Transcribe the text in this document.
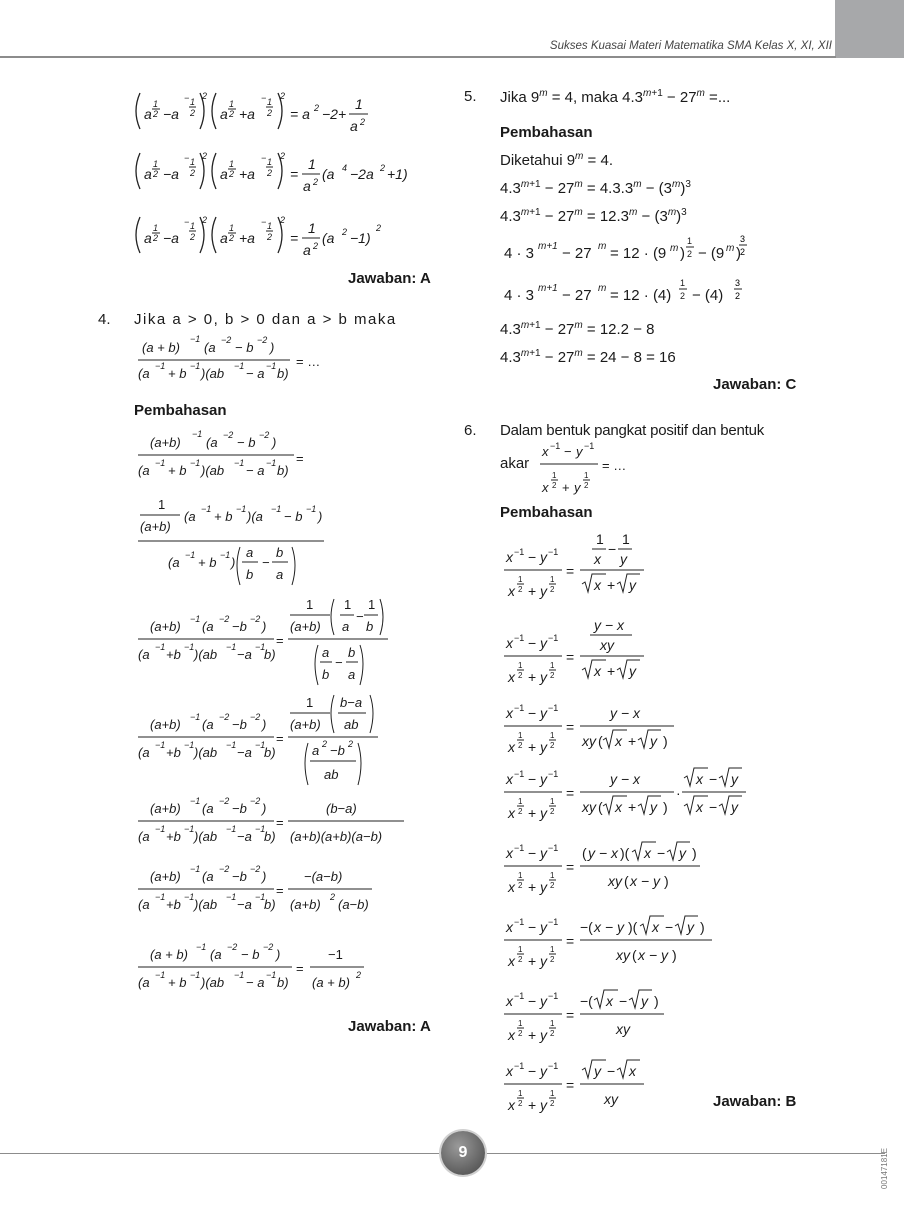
Sukses Kuasai Materi Matematika SMA Kelas X, XI, XII
a
1
2 −a
− 1
2
2
a
1
2 +a
− 1
2
2
= a 2 −2+
1
a 2
a
1
2 −a
− 1
2
2
a
1
2 +a
− 1
2
2
=
1
a 2 (a 4 −2a 2 +1)
a
1
2 −a
− 1
2
2
a
1
2 +a
− 1
2
2
=
1
a 2 (a 2 −1)
2
Jawaban: A
4. Jika a > 0, b > 0 dan a > b maka
(a + b)
−1
(a −2 − b −2 )
(a −1 + b −1 )(ab −1 − a −1 b)
= …
Pembahasan
(a+b)
−1
(a −2 − b −2 )
(a −1 + b −1 )(ab −1 − a −1 b)
=
1
(a+b)
(a −1 + b −1 )(a −1 − b −1 )
(a −1 + b −1 )
a
b
−
b
a
(a+b) −1 (a −2 −b −2 )
(a −1 +b −1 )(ab −1 −a −1
b)
=
1
(a+b)
1
a
−
1
b
a
b
−
b
a
(a+b) −1 (a −2 −b −2 )
(a −1 +b −1 )(ab −1 −a −1
b)
=
1
(a+b)
b−a
ab
a 2 −b 2
ab
(a+b) −1 (a −2 −b −2 )
(a −1 +b −1 )(ab −1 −a −1
b)
=
(b−a)
(a+b)(a+b)(a−b)
(a+b) −1 (a −2 −b −2 )
(a −1 +b −1 )(ab −1 −a −1
b)
=
−(a−b)
(a+b) 2 (a−b)
(a + b) −1 (a −2 − b −2 )
(a −1 + b −1 )(ab −1 − a −1 b)
=
−1
(a + b) 2
Jawaban: A
5. Jika $9^m = 4$, maka $4.3^{m+1} - 27^m$ =...
Pembahasan
Diketahui $9^m = 4$.
$4.3^{m+1} - 27^m = 4.3.3^m - (3^m)^3$
$4.3^{m+1} - 27^m = 12.3^m - (3^m)^3$
4 · 3 m+1 − 27 m = 12 · (9 m )
1
2 − (9 m )
4 · 3 m+1 − 27 m = 12 · (4)
1
2 − (4)
3
2
3
2
$4.3^{m+1} - 27^m = 12.2 - 8$
$4.3^{m+1} - 27^m = 24 - 8 = 16$
Jawaban: C
6. Dalam bentuk pangkat positif dan bentuk
akar
x −1 − y −1
x
1
2 + y
1
2
= …
Pembahasan
x −1 − y −1
x
1
+ y
1 =
1
x
−
1
y
x + y
y − x
xy
x + y
y − x
xy ( x + y )
y − x
xy ( x + y )
·
x − y
x − y
( y − x )( x − y )
xy ( x − y )
−( x − y )( x − y )
xy ( x − y )
−( x − y )
xy
y − x
xy	Jawaban: B
9	00147181E
